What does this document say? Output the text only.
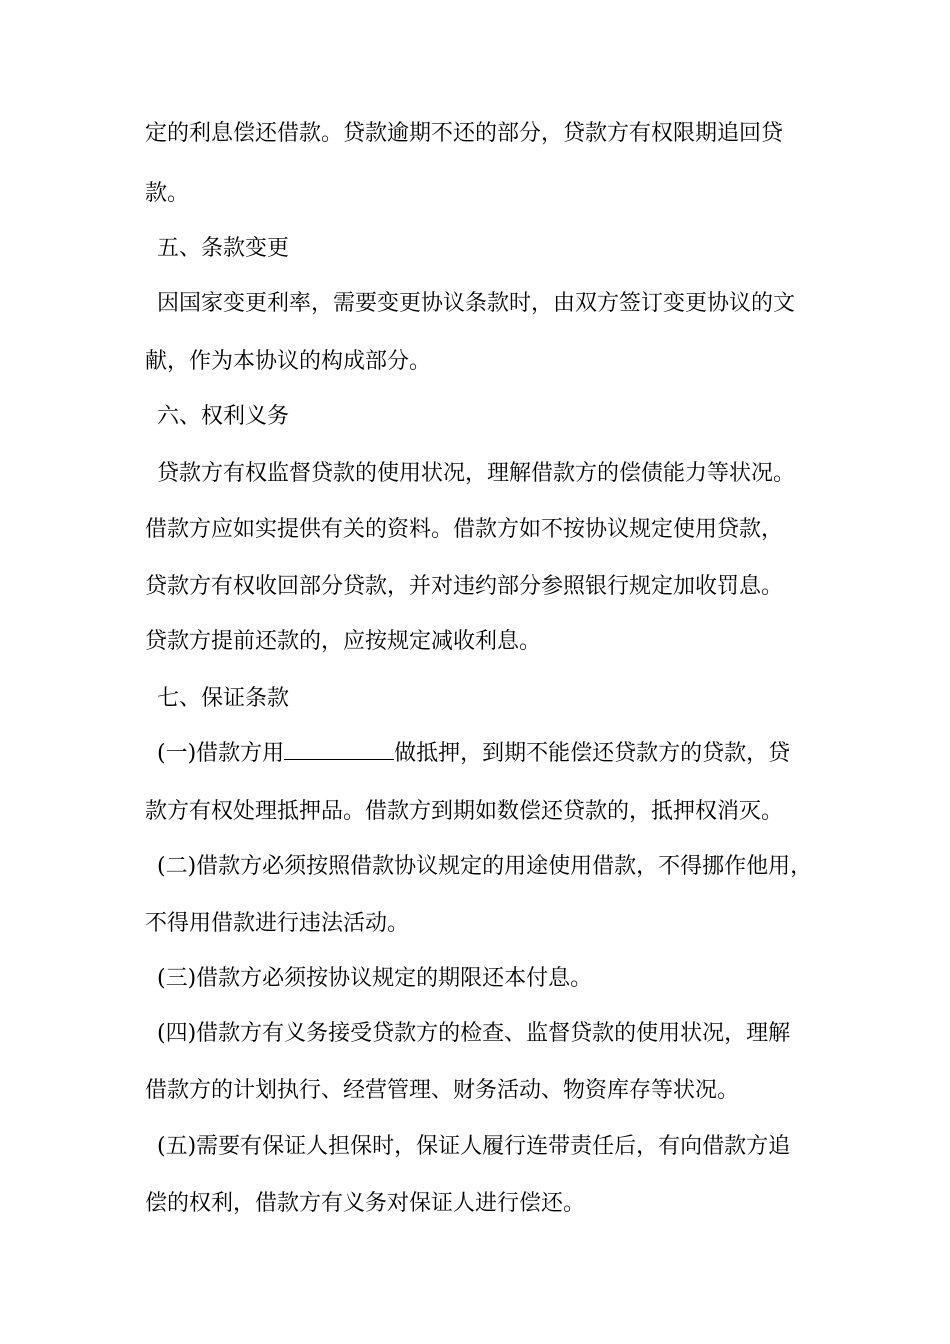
定的利息偿还借款。贷款逾期不还的部分，贷款方有权限期追回贷
款。
五、条款变更
因国家变更利率，需要变更协议条款时，由双方签订变更协议的文
献，作为本协议的构成部分。
六、权利义务
贷款方有权监督贷款的使用状况，理解借款方的偿债能力等状况。
借款方应如实提供有关的资料。借款方如不按协议规定使用贷款，
贷款方有权收回部分贷款，并对违约部分参照银行规定加收罚息。
贷款方提前还款的，应按规定减收利息。
七、保证条款
(一)借款方用	做抵押，到期不能偿还贷款方的贷款，贷
款方有权处理抵押品。借款方到期如数偿还贷款的，抵押权消灭。
(二)借款方必须按照借款协议规定的用途使用借款，不得挪作他用，
不得用借款进行违法活动。
(三)借款方必须按协议规定的期限还本付息。
(四)借款方有义务接受贷款方的检查、监督贷款的使用状况，理解
借款方的计划执行、经营管理、财务活动、物资库存等状况。
(五)需要有保证人担保时，保证人履行连带责任后，有向借款方追
偿的权利，借款方有义务对保证人进行偿还。
